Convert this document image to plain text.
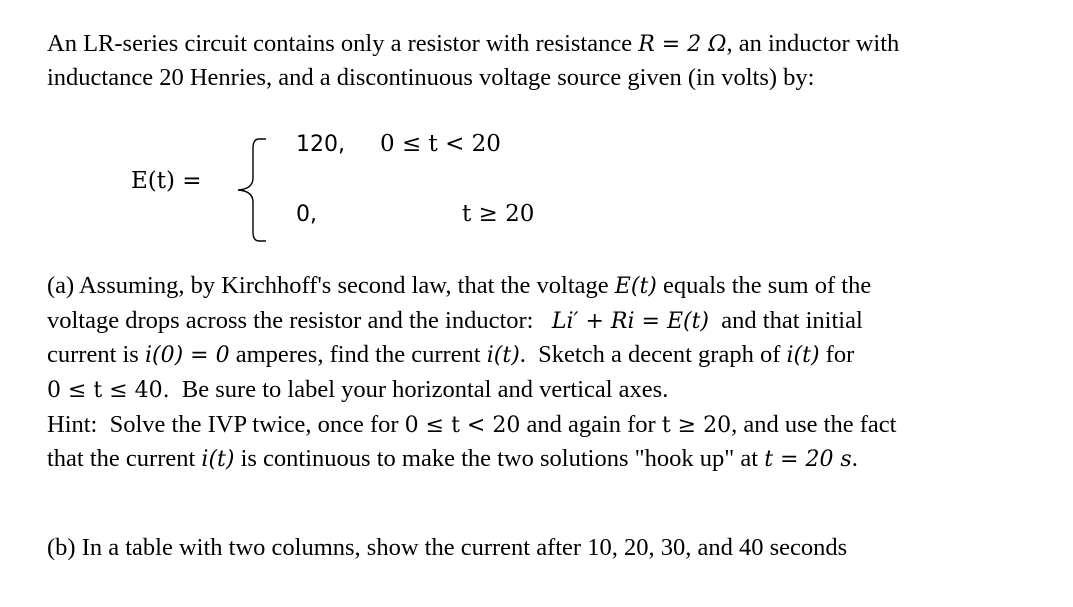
An LR-series circuit contains only a resistor with resistance R = 2 Ω, an inductor with
inductance 20 Henries, and a discontinuous voltage source given (in volts) by:
E(t) =
120, 0 ≤ t < 20
0,	t ≥ 20
(a) Assuming, by Kirchhoff's second law, that the voltage E(t) equals the sum of the
voltage drops across the resistor and the inductor:   Li′ + Ri = E(t)  and that initial
current is i(0) = 0 amperes, find the current i(t).  Sketch a decent graph of i(t) for
0 ≤ t ≤ 40.  Be sure to label your horizontal and vertical axes.
Hint:  Solve the IVP twice, once for 0 ≤ t < 20 and again for t ≥ 20, and use the fact
that the current i(t) is continuous to make the two solutions "hook up" at t = 20 s.
(b) In a table with two columns, show the current after 10, 20, 30, and 40 seconds
